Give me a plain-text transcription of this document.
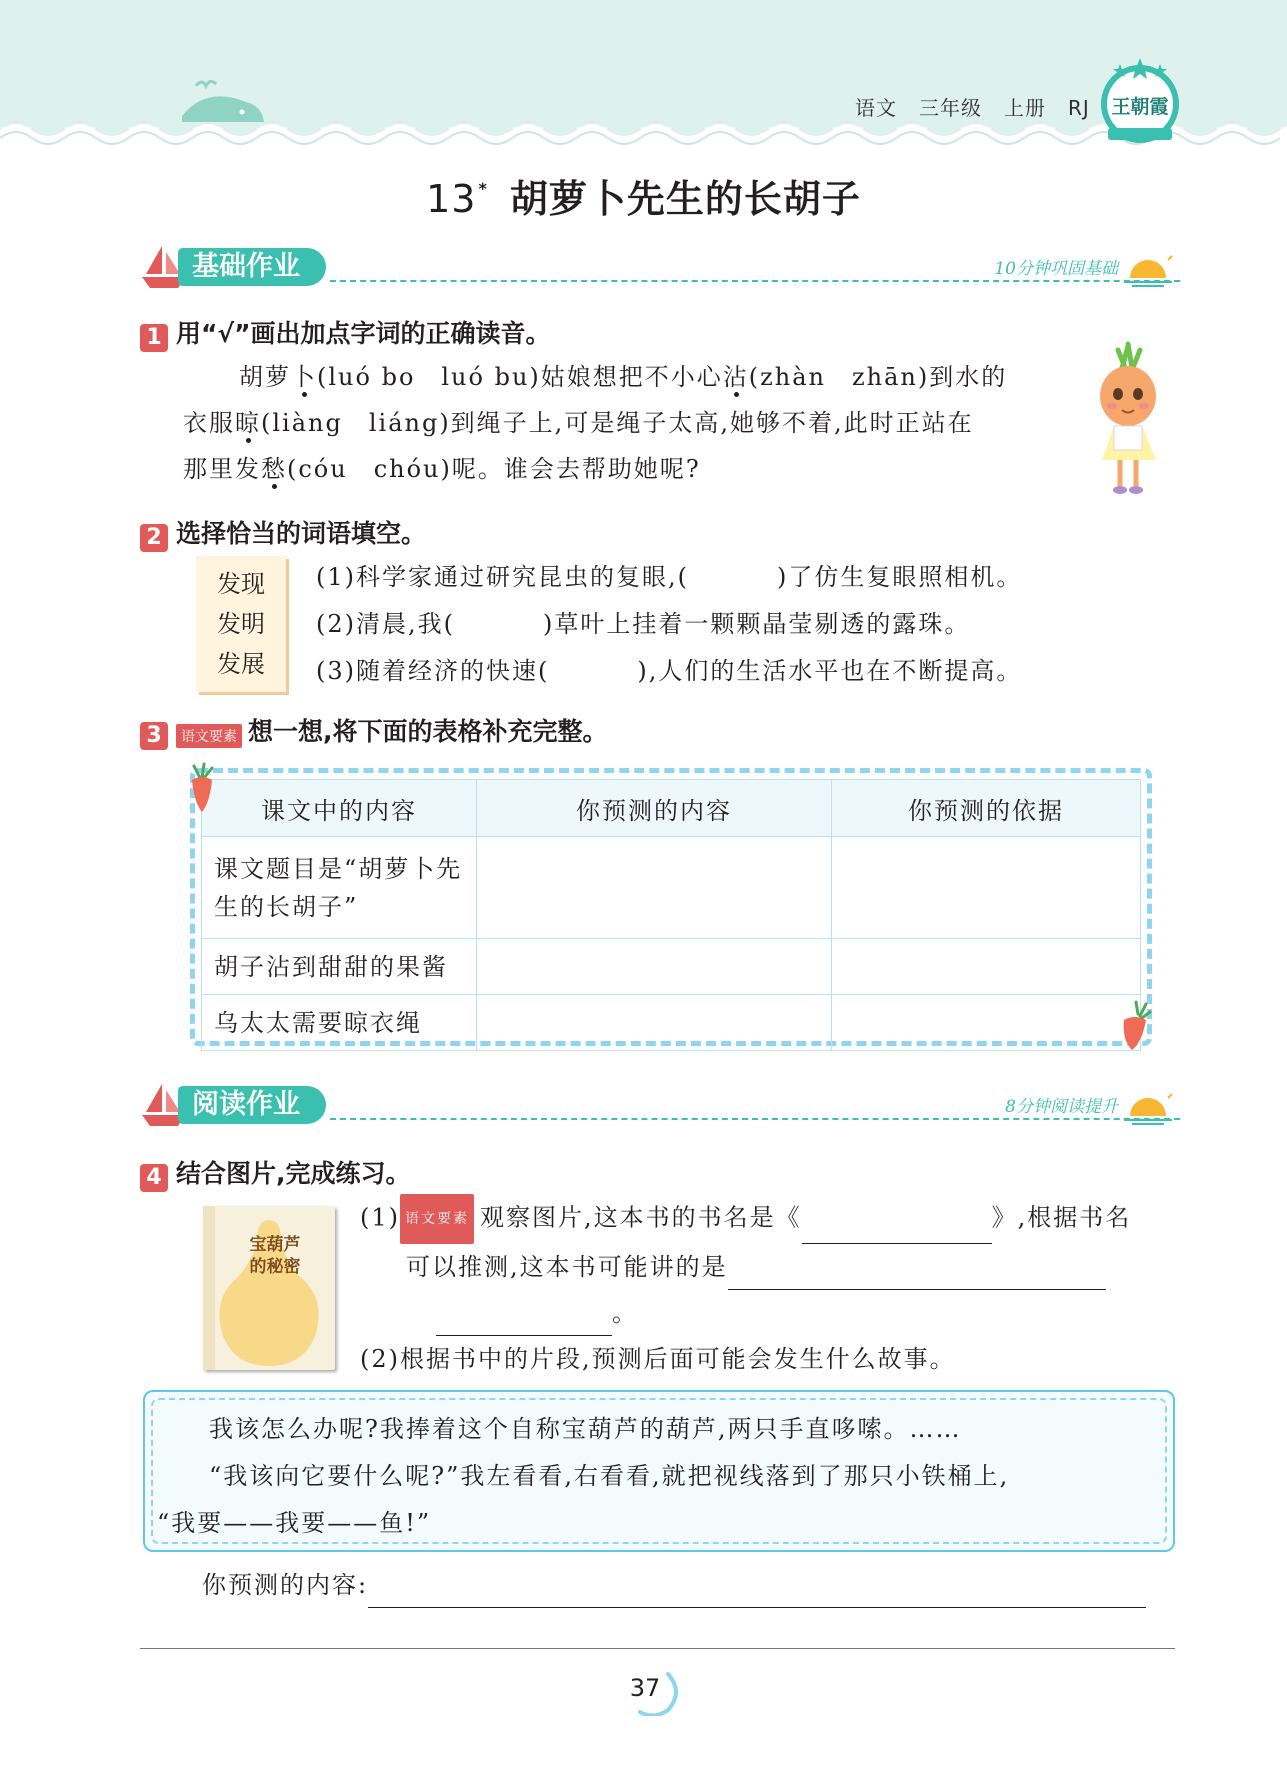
语文 三年级 上册 RJ	王朝霞
13 * 胡萝卜先生的长胡子
基础作业	10分钟巩固基础
1 用“√”画出加点字词的正确读音。
胡萝卜(luó bo　luó bu)姑娘想把不小心沾(zhàn　zhān)到水的
衣服晾(liàng　liáng)到绳子上,可是绳子太高,她够不着,此时正站在
那里发愁(cóu　chóu)呢。谁会去帮助她呢?
2 选择恰当的词语填空。
发现
发明
发展
(1)科学家通过研究昆虫的复眼,(	)了仿生复眼照相机。
(2)清晨,我(	)草叶上挂着一颗颗晶莹剔透的露珠。
(3)随着经济的快速(	),人们的生活水平也在不断提高。
3 语文要素 想一想,将下面的表格补充完整。
课文中的内容	你预测的内容	你预测的依据
课文题目是“胡萝卜先生的长胡子”		
胡子沾到甜甜的果酱		
乌太太需要晾衣绳		
阅读作业	8分钟阅读提升
4 结合图片,完成练习。
宝葫芦的秘密
(1) 语文要素 观察图片,这本书的书名是《	》,根据书名
可以推测,这本书可能讲的是
。
(2)根据书中的片段,预测后面可能会发生什么故事。
我该怎么办呢?我捧着这个自称宝葫芦的葫芦,两只手直哆嗦。……
“我该向它要什么呢?”我左看看,右看看,就把视线落到了那只小铁桶上,
“我要——我要——鱼!”
你预测的内容:
37
